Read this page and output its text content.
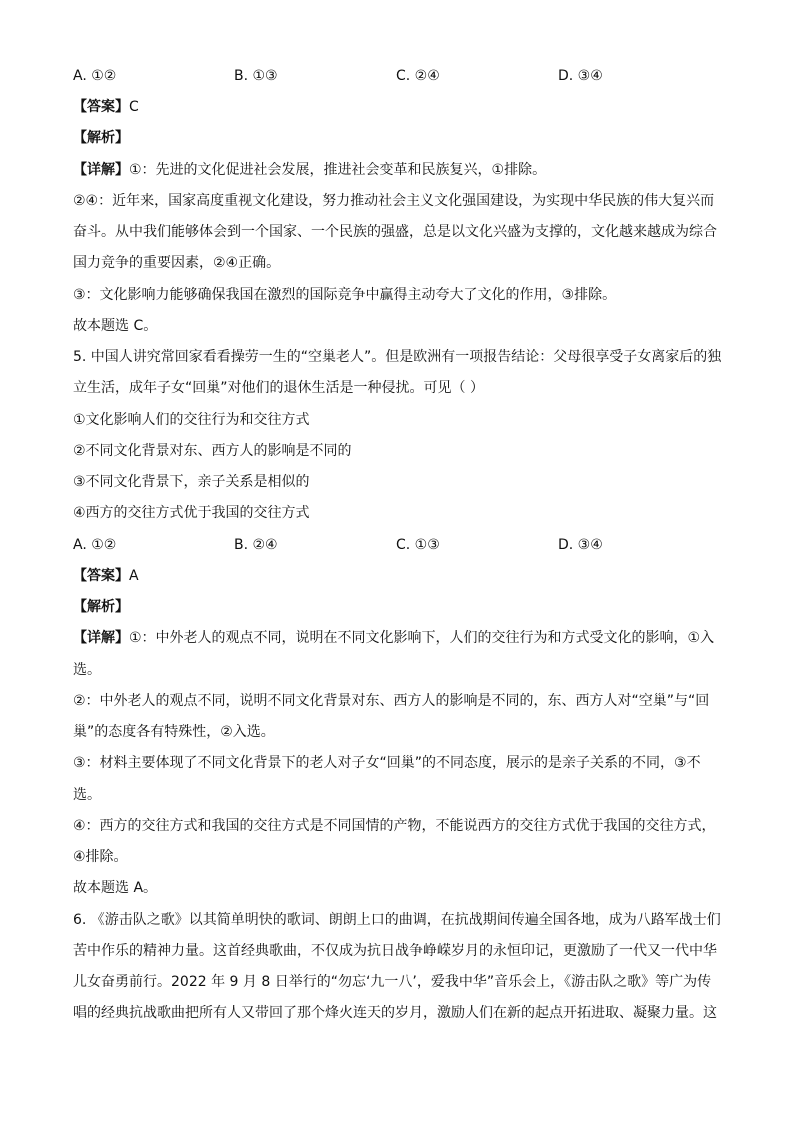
A. ①②	B. ①③	C. ②④	D. ③④
【答案】C
【解析】
【详解】①：先进的文化促进社会发展，推进社会变革和民族复兴，①排除。
②④：近年来，国家高度重视文化建设，努力推动社会主义文化强国建设，为实现中华民族的伟大复兴而
奋斗。从中我们能够体会到一个国家、一个民族的强盛，总是以文化兴盛为支撑的，文化越来越成为综合
国力竞争的重要因素，②④正确。
③：文化影响力能够确保我国在激烈的国际竞争中赢得主动夸大了文化的作用，③排除。
故本题选 C。
5. 中国人讲究常回家看看操劳一生的“空巢老人”。但是欧洲有一项报告结论：父母很享受子女离家后的独
立生活，成年子女“回巢”对他们的退休生活是一种侵扰。可见（ ）
①文化影响人们的交往行为和交往方式
②不同文化背景对东、西方人的影响是不同的
③不同文化背景下，亲子关系是相似的
④西方的交往方式优于我国的交往方式
A. ①②	B. ②④	C. ①③	D. ③④
【答案】A
【解析】
【详解】①：中外老人的观点不同，说明在不同文化影响下，人们的交往行为和方式受文化的影响，①入
选。
②：中外老人的观点不同，说明不同文化背景对东、西方人的影响是不同的，东、西方人对“空巢”与“回
巢”的态度各有特殊性，②入选。
③：材料主要体现了不同文化背景下的老人对子女“回巢”的不同态度，展示的是亲子关系的不同，③不
选。
④：西方的交往方式和我国的交往方式是不同国情的产物，不能说西方的交往方式优于我国的交往方式，
④排除。
故本题选 A。
6. 《游击队之歌》以其简单明快的歌词、朗朗上口的曲调，在抗战期间传遍全国各地，成为八路军战士们
苦中作乐的精神力量。这首经典歌曲，不仅成为抗日战争峥嵘岁月的永恒印记，更激励了一代又一代中华
儿女奋勇前行。2022 年 9 月 8 日举行的“勿忘‘九一八’，爱我中华”音乐会上，《游击队之歌》等广为传
唱的经典抗战歌曲把所有人又带回了那个烽火连天的岁月，激励人们在新的起点开拓进取、凝聚力量。这
